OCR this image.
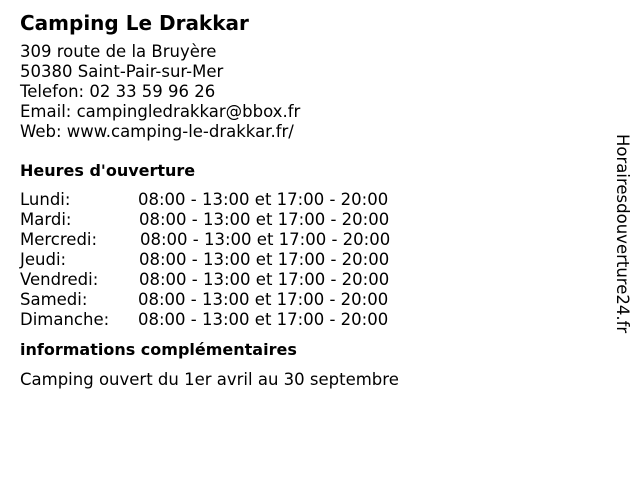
Camping Le Drakkar
309 route de la Bruyère
50380 Saint-Pair-sur-Mer
Telefon: 02 33 59 96 26
Email: campingledrakkar@bbox.fr
Web: www.camping-le-drakkar.fr/
Heures d'ouverture
Lundi:	08:00 - 13:00 et 17:00 - 20:00
Mardi:	08:00 - 13:00 et 17:00 - 20:00
Mercredi:	08:00 - 13:00 et 17:00 - 20:00
Jeudi:	08:00 - 13:00 et 17:00 - 20:00
Vendredi:	08:00 - 13:00 et 17:00 - 20:00
Samedi:	08:00 - 13:00 et 17:00 - 20:00
Dimanche:	08:00 - 13:00 et 17:00 - 20:00
informations complémentaires
Camping ouvert du 1er avril au 30 septembre
Horairesdouverture24.fr
